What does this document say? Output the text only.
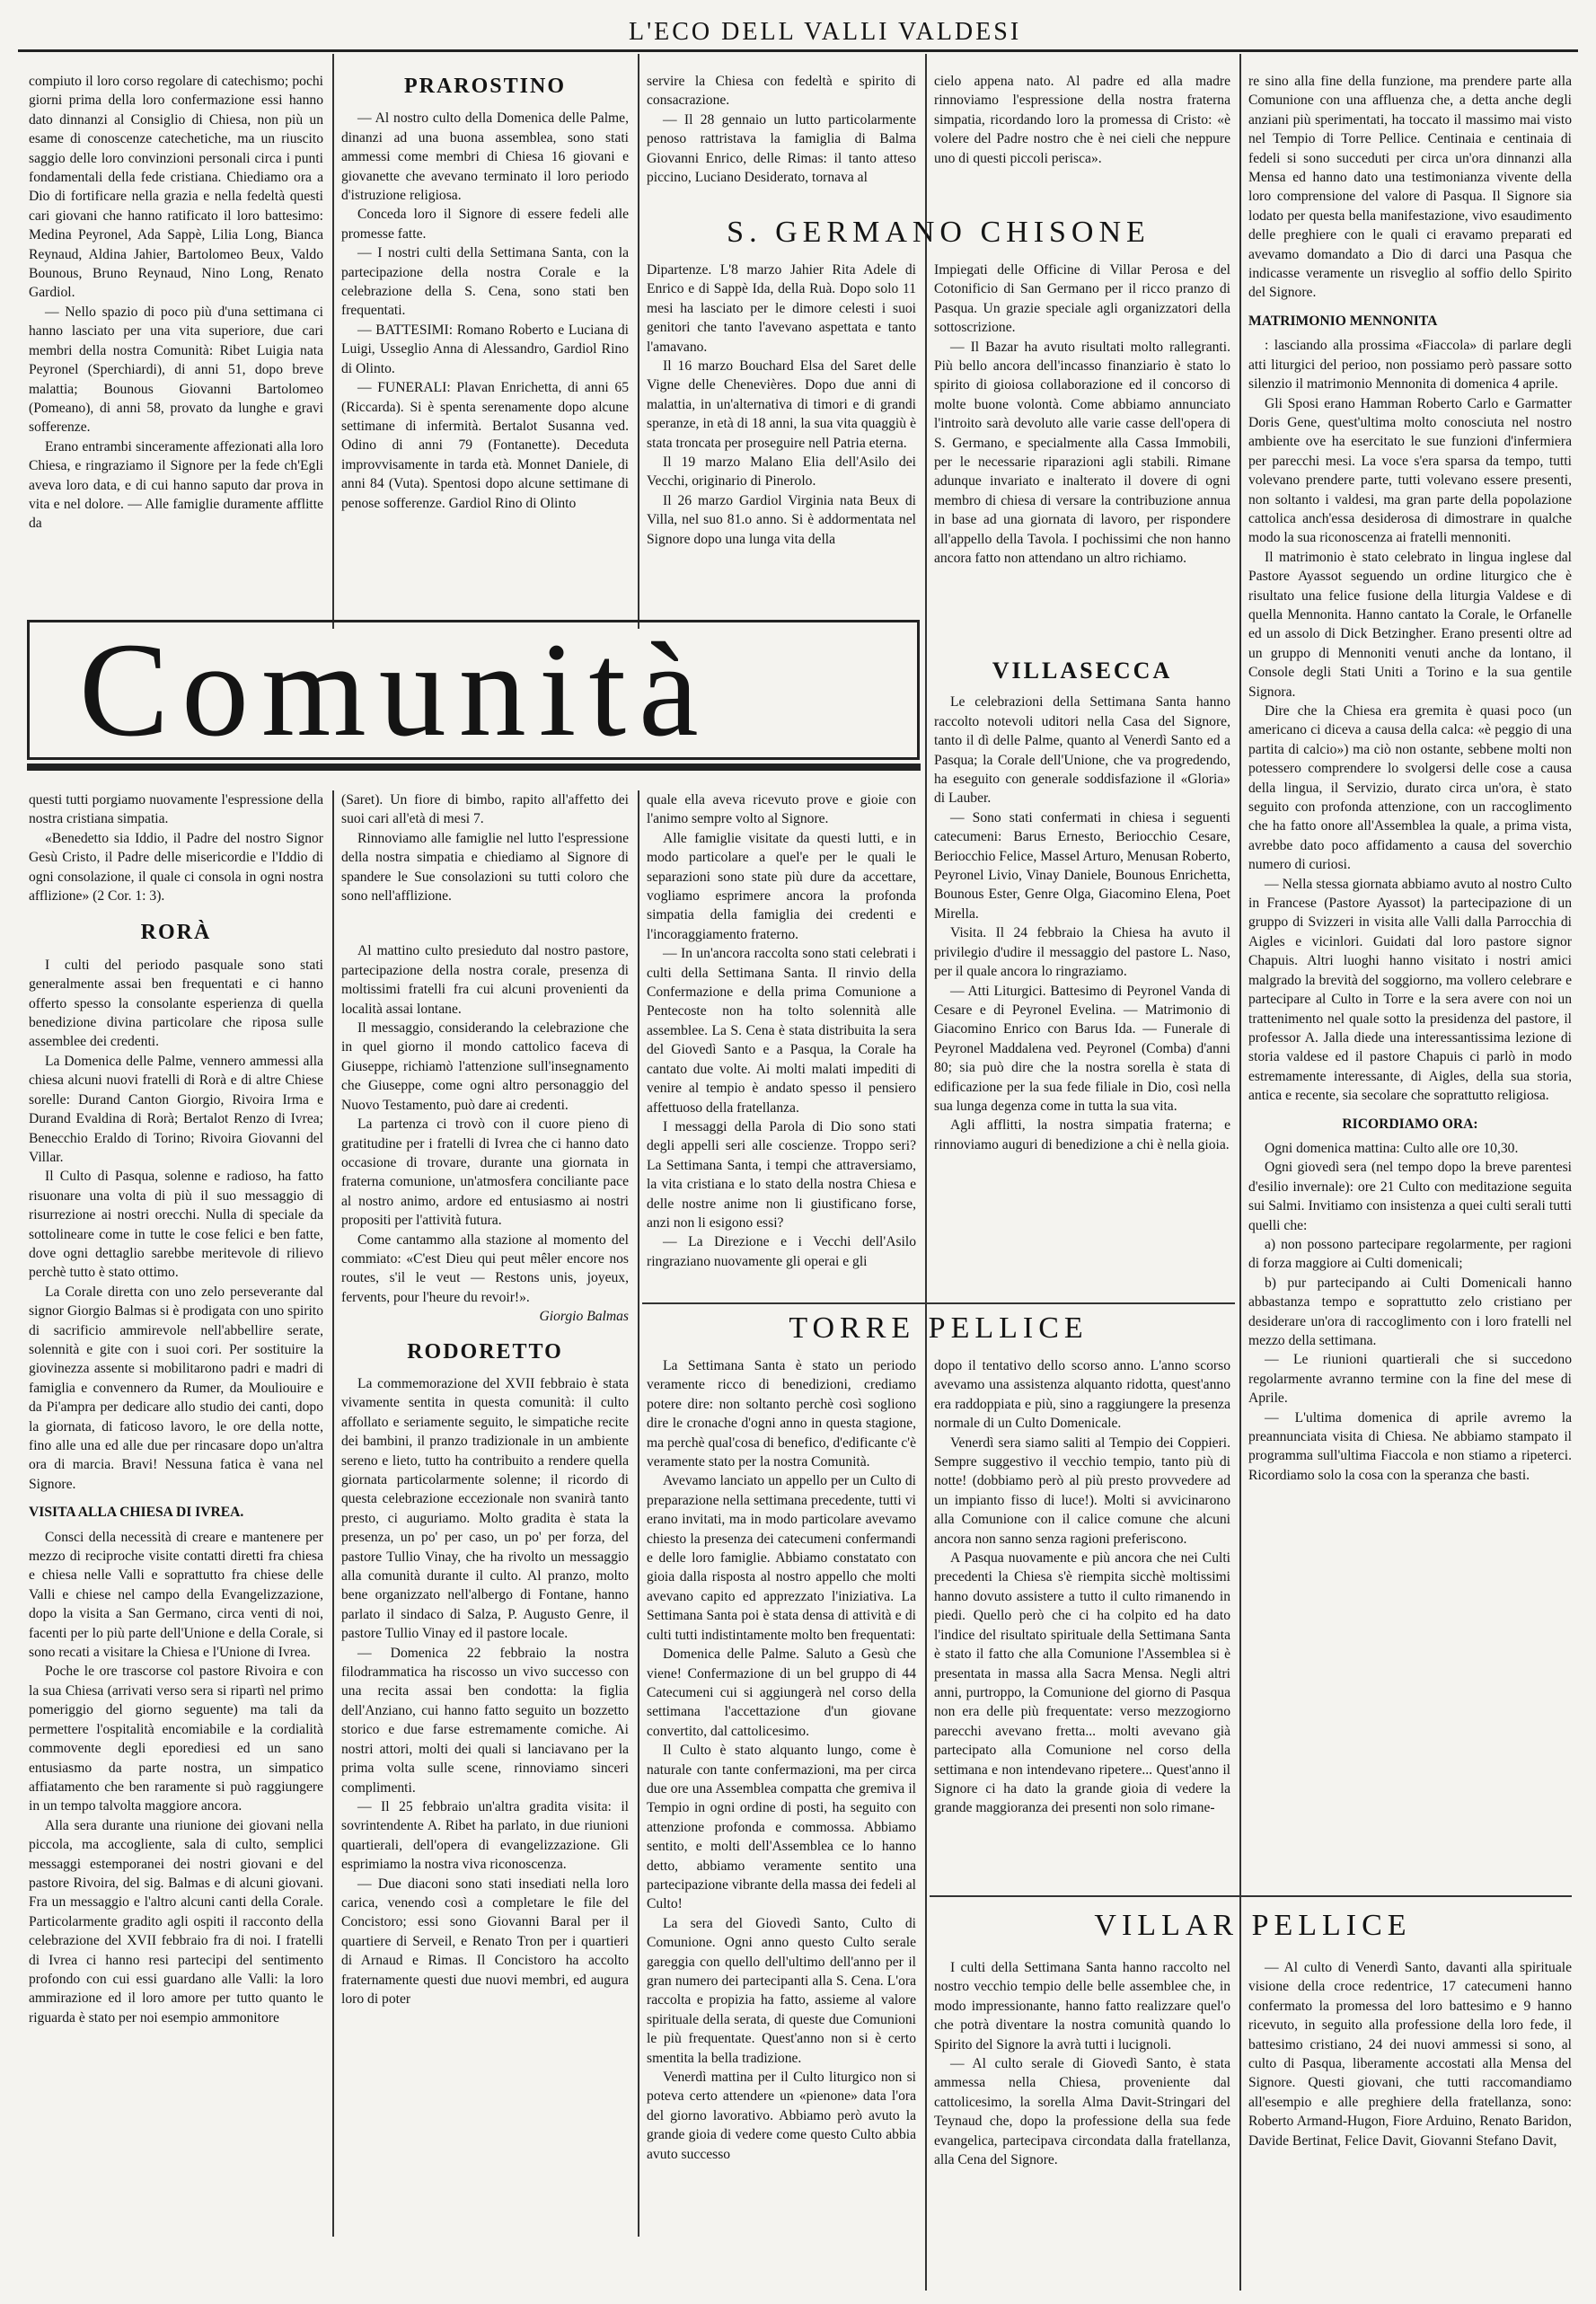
L'ECO DELL VALLI VALDESI

compiuto il loro corso regolare di catechismo; pochi giorni prima della loro confermazione essi hanno dato dinnanzi al Consiglio di Chiesa, non più un esame di conoscenze catechetiche, ma un riuscito saggio delle loro convinzioni personali circa i punti fondamentali della fede cristiana. Chiediamo ora a Dio di fortificare nella grazia e nella fedeltà questi cari giovani che hanno ratificato il loro battesimo: Medina Peyronel, Ada Sappè, Lilia Long, Bianca Reynaud, Aldina Jahier, Bartolomeo Beux, Valdo Bounous, Bruno Reynaud, Nino Long, Renato Gardiol.

— Nello spazio di poco più d'una settimana ci hanno lasciato per una vita superiore, due cari membri della nostra Comunità: Ribet Luigia nata Peyronel (Sperchiardi), di anni 51, dopo breve malattia; Bounous Giovanni Bartolomeo (Pomeano), di anni 58, provato da lunghe e gravi sofferenze.

Erano entrambi sinceramente affezionati alla loro Chiesa, e ringraziamo il Signore per la fede ch'Egli aveva loro data, e di cui hanno saputo dar prova in vita e nel dolore. — Alle famiglie duramente afflitte da

PRAROSTINO

— Al nostro culto della Domenica delle Palme, dinanzi ad una buona assemblea, sono stati ammessi come membri di Chiesa 16 giovani e giovanette che avevano terminato il loro periodo d'istruzione religiosa.

Conceda loro il Signore di essere fedeli alle promesse fatte.

— I nostri culti della Settimana Santa, con la partecipazione della nostra Corale e la celebrazione della S. Cena, sono stati ben frequentati.

— BATTESIMI: Romano Roberto e Luciana di Luigi, Usseglio Anna di Alessandro, Gardiol Rino di Olinto.

— FUNERALI: Plavan Enrichetta, di anni 65 (Riccarda). Si è spenta serenamente dopo alcune settimane di infermità. Bertalot Susanna ved. Odino di anni 79 (Fontanette). Deceduta improvvisamente in tarda età. Monnet Daniele, di anni 84 (Vuta). Spentosi dopo alcune settimane di penose sofferenze. Gardiol Rino di Olinto

servire la Chiesa con fedeltà e spirito di consacrazione.

— Il 28 gennaio un lutto particolarmente penoso rattristava la famiglia di Balma Giovanni Enrico, delle Rimas: il tanto atteso piccino, Luciano Desiderato, tornava al

cielo appena nato. Al padre ed alla madre rinnoviamo l'espressione della nostra fraterna simpatia, ricordando loro la promessa di Cristo: «è volere del Padre nostro che è nei cieli che neppure uno di questi piccoli perisca».

Dipartenze. L'8 marzo Jahier Rita Adele di Enrico e di Sappè Ida, della Ruà. Dopo solo 11 mesi ha lasciato per le dimore celesti i suoi genitori che tanto l'avevano aspettata e tanto l'amavano.

Il 16 marzo Bouchard Elsa del Saret delle Vigne delle Chenevières. Dopo due anni di malattia, in un'alternativa di timori e di grandi speranze, in età di 18 anni, la sua vita quaggiù è stata troncata per proseguire nell Patria eterna.

Il 19 marzo Malano Elia dell'Asilo dei Vecchi, originario di Pinerolo.

Il 26 marzo Gardiol Virginia nata Beux di Villa, nel suo 81.o anno. Si è addormentata nel Signore dopo una lunga vita della

S. GERMANO CHISONE

Impiegati delle Officine di Villar Perosa e del Cotonificio di San Germano per il ricco pranzo di Pasqua. Un grazie speciale agli organizzatori della sottoscrizione.

— Il Bazar ha avuto risultati molto rallegranti. Più bello ancora dell'incasso finanziario è stato lo spirito di gioiosa collaborazione ed il concorso di molte buone volontà. Come abbiamo annunciato l'introito sarà devoluto alle varie casse dell'opera di S. Germano, e specialmente alla Cassa Immobili, per le necessarie riparazioni agli stabili. Rimane adunque invariato e inalterato il dovere di ogni membro di chiesa di versare la contribuzione annua in base ad una giornata di lavoro, per rispondere all'appello della Tavola. I pochissimi che non hanno ancora fatto non attendano un altro richiamo.

Comunità	VILLASECCA

Le celebrazioni della Settimana Santa hanno raccolto notevoli uditori nella Casa del Signore, tanto il dì delle Palme, quanto al Venerdì Santo ed a Pasqua; la Corale dell'Unione, che va progredendo, ha eseguito con generale soddisfazione il «Gloria» di Lauber.

— Sono stati confermati in chiesa i seguenti catecumeni: Barus Ernesto, Beriocchio Cesare, Beriocchio Felice, Massel Arturo, Menusan Roberto, Peyronel Livio, Vinay Daniele, Bounous Enrichetta, Bounous Ester, Genre Olga, Giacomino Elena, Poet Mirella.

Visita. Il 24 febbraio la Chiesa ha avuto il privilegio d'udire il messaggio del pastore L. Naso, per il quale ancora lo ringraziamo.

— Atti Liturgici. Battesimo di Peyronel Vanda di Cesare e di Peyronel Evelina. — Matrimonio di Giacomino Enrico con Barus Ida. — Funerale di Peyronel Maddalena ved. Peyronel (Comba) d'anni 80; sia può dire che la nostra sorella è stata di edificazione per la sua fede filiale in Dio, così nella sua lunga degenza come in tutta la sua vita.

Agli afflitti, la nostra simpatia fraterna; e rinnoviamo auguri di benedizione a chi è nella gioia.

re sino alla fine della funzione, ma prendere parte alla Comunione con una affluenza che, a detta anche degli anziani più sperimentati, ha toccato il massimo mai visto nel Tempio di Torre Pellice. Centinaia e centinaia di fedeli si sono succeduti per circa un'ora dinnanzi alla Mensa ed hanno dato una testimonianza vivente della loro comprensione del valore di Pasqua. Il Signore sia lodato per questa bella manifestazione, vivo esaudimento delle preghiere con le quali ci eravamo preparati ed avevamo domandato a Dio di darci una Pasqua che indicasse veramente un risveglio al soffio dello Spirito del Signore.

MATRIMONIO MENNONITA

: lasciando alla prossima «Fiaccola» di parlare degli atti liturgici del perioo, non possiamo però passare sotto silenzio il matrimonio Mennonita di domenica 4 aprile.

Gli Sposi erano Hamman Roberto Carlo e Garmatter Doris Gene, quest'ultima molto conosciuta nel nostro ambiente ove ha esercitato le sue funzioni d'infermiera per parecchi mesi. La voce s'era sparsa da tempo, tutti volevano prendere parte, tutti volevano essere presenti, non soltanto i valdesi, ma gran parte della popolazione cattolica anch'essa desiderosa di dimostrare in qualche modo la sua riconoscenza ai fratelli mennoniti.

Il matrimonio è stato celebrato in lingua inglese dal Pastore Ayassot seguendo un ordine liturgico che è risultato una felice fusione della liturgia Valdese e di quella Mennonita. Hanno cantato la Corale, le Orfanelle ed un assolo di Dick Betzingher. Erano presenti oltre ad un gruppo di Mennoniti venuti anche da lontano, il Console degli Stati Uniti a Torino e la sua gentile Signora.

Dire che la Chiesa era gremita è quasi poco (un americano ci diceva a causa della calca: «è peggio di una partita di calcio») ma ciò non ostante, sebbene molti non potessero comprendere lo svolgersi delle cose a causa della lingua, il Servizio, durato circa un'ora, è stato seguito con profonda attenzione, con un raccoglimento che ha fatto onore all'Assemblea la quale, a prima vista, avrebbe dato poco affidamento a causa del soverchio numero di curiosi.

— Nella stessa giornata abbiamo avuto al nostro Culto in Francese (Pastore Ayassot) la partecipazione di un gruppo di Svizzeri in visita alle Valli dalla Parrocchia di Aigles e vicinlori. Guidati dal loro pastore signor Chapuis. Altri luoghi hanno visitato i nostri amici malgrado la brevità del soggiorno, ma vollero celebrare e partecipare al Culto in Torre e la sera avere con noi un trattenimento nel quale sotto la presidenza del pastore, il professor A. Jalla diede una interessantissima lezione di storia valdese ed il pastore Chapuis ci parlò in modo estremamente interessante, di Aigles, della sua storia, antica e recente, sia secolare che soprattutto religiosa.

RICORDIAMO ORA:

Ogni domenica mattina: Culto alle ore 10,30.

Ogni giovedì sera (nel tempo dopo la breve parentesi d'esilio invernale): ore 21 Culto con meditazione seguita sui Salmi. Invitiamo con insistenza a quei culti serali tutti quelli che:

a) non possono partecipare regolarmente, per ragioni di forza maggiore ai Culti domenicali;

b) pur partecipando ai Culti Domenicali hanno abbastanza tempo e soprattutto zelo cristiano per desiderare un'ora di raccoglimento con i loro fratelli nel mezzo della settimana.

— Le riunioni quartierali che si succedono regolarmente avranno termine con la fine del mese di Aprile.

— L'ultima domenica di aprile avremo la preannunciata visita di Chiesa. Ne abbiamo stampato il programma sull'ultima Fiaccola e non stiamo a ripeterci. Ricordiamo solo la cosa con la speranza che basti.

questi tutti porgiamo nuovamente l'espressione della nostra cristiana simpatia.

«Benedetto sia Iddio, il Padre del nostro Signor Gesù Cristo, il Padre delle misericordie e l'Iddio di ogni consolazione, il quale ci consola in ogni nostra afflizione» (2 Cor. 1: 3).

RORÀ

I culti del periodo pasquale sono stati generalmente assai ben frequentati e ci hanno offerto spesso la consolante esperienza di quella benedizione divina particolare che riposa sulle assemblee dei credenti.

La Domenica delle Palme, vennero ammessi alla chiesa alcuni nuovi fratelli di Rorà e di altre Chiese sorelle: Durand Canton Giorgio, Rivoira Irma e Durand Evaldina di Rorà; Bertalot Renzo di Ivrea; Benecchio Eraldo di Torino; Rivoira Giovanni del Villar.

Il Culto di Pasqua, solenne e radioso, ha fatto risuonare una volta di più il suo messaggio di risurrezione ai nostri orecchi. Nulla di speciale da sottolineare come in tutte le cose felici e ben fatte, dove ogni dettaglio sarebbe meritevole di rilievo perchè tutto è stato ottimo.

La Corale diretta con uno zelo perseverante dal signor Giorgio Balmas si è prodigata con uno spirito di sacrificio ammirevole nell'abbellire serate, solennità e gite con i suoi cori. Per sostituire la giovinezza assente si mobilitarono padri e madri di famiglia e convennero da Rumer, da Mouliouire e da Pi'ampra per dedicare allo studio dei canti, dopo la giornata, di faticoso lavoro, le ore della notte, fino alle una ed alle due per rincasare dopo un'altra ora di marcia. Bravi! Nessuna fatica è vana nel Signore.

VISITA ALLA CHIESA DI IVREA.

Consci della necessità di creare e mantenere per mezzo di reciproche visite contatti diretti fra chiesa e chiesa nelle Valli e soprattutto fra chiese delle Valli e chiese nel campo della Evangelizzazione, dopo la visita a San Germano, circa venti di noi, facenti per lo più parte dell'Unione e della Corale, si sono recati a visitare la Chiesa e l'Unione di Ivrea.

Poche le ore trascorse col pastore Rivoira e con la sua Chiesa (arrivati verso sera si ripartì nel primo pomeriggio del giorno seguente) ma tali da permettere l'ospitalità encomiabile e la cordialità commovente degli eporediesi ed un sano entusiasmo da parte nostra, un simpatico affiatamento che ben raramente si può raggiungere in un tempo talvolta maggiore ancora.

Alla sera durante una riunione dei giovani nella piccola, ma accogliente, sala di culto, semplici messaggi estemporanei dei nostri giovani e del pastore Rivoira, del sig. Balmas e di alcuni giovani. Fra un messaggio e l'altro alcuni canti della Corale. Particolarmente gradito agli ospiti il racconto della celebrazione del XVII febbraio fra di noi. I fratelli di Ivrea ci hanno resi partecipi del sentimento profondo con cui essi guardano alle Valli: la loro ammirazione ed il loro amore per tutto quanto le riguarda è stato per noi esempio ammonitore

(Saret). Un fiore di bimbo, rapito all'affetto dei suoi cari all'età di mesi 7.

Rinnoviamo alle famiglie nel lutto l'espressione della nostra simpatia e chiediamo al Signore di spandere le Sue consolazioni su tutti coloro che sono nell'afflizione.

Al mattino culto presieduto dal nostro pastore, partecipazione della nostra corale, presenza di moltissimi fratelli fra cui alcuni provenienti da località assai lontane.

Il messaggio, considerando la celebrazione che in quel giorno il mondo cattolico faceva di Giuseppe, richiamò l'attenzione sull'insegnamento che Giuseppe, come ogni altro personaggio del Nuovo Testamento, può dare ai credenti.

La partenza ci trovò con il cuore pieno di gratitudine per i fratelli di Ivrea che ci hanno dato occasione di trovare, durante una giornata in fraterna comunione, un'atmosfera conciliante pace al nostro animo, ardore ed entusiasmo ai nostri propositi per l'attività futura.

Come cantammo alla stazione al momento del commiato: «C'est Dieu qui peut mêler encore nos routes, s'il le veut — Restons unis, joyeux, fervents, pour l'heure du revoir!».

Giorgio Balmas

RODORETTO

La commemorazione del XVII febbraio è stata vivamente sentita in questa comunità: il culto affollato e seriamente seguito, le simpatiche recite dei bambini, il pranzo tradizionale in un ambiente sereno e lieto, tutto ha contribuito a rendere quella giornata particolarmente solenne; il ricordo di questa celebrazione eccezionale non svanirà tanto presto, ci auguriamo. Molto gradita è stata la presenza, un po' per caso, un po' per forza, del pastore Tullio Vinay, che ha rivolto un messaggio alla comunità durante il culto. Al pranzo, molto bene organizzato nell'albergo di Fontane, hanno parlato il sindaco di Salza, P. Augusto Genre, il pastore Tullio Vinay ed il pastore locale.

— Domenica 22 febbraio la nostra filodrammatica ha riscosso un vivo successo con una recita assai ben condotta: la figlia dell'Anziano, cui hanno fatto seguito un bozzetto storico e due farse estremamente comiche. Ai nostri attori, molti dei quali si lanciavano per la prima volta sulle scene, rinnoviamo sinceri complimenti.

— Il 25 febbraio un'altra gradita visita: il sovrintendente A. Ribet ha parlato, in due riunioni quartierali, dell'opera di evangelizzazione. Gli esprimiamo la nostra viva riconoscenza.

— Due diaconi sono stati insediati nella loro carica, venendo così a completare le file del Concistoro; essi sono Giovanni Baral per il quartiere di Serveil, e Renato Tron per i quartieri di Arnaud e Rimas. Il Concistoro ha accolto fraternamente questi due nuovi membri, ed augura loro di poter

quale ella aveva ricevuto prove e gioie con l'animo sempre volto al Signore.

Alle famiglie visitate da questi lutti, e in modo particolare a quel'e per le quali le separazioni sono state più dure da accettare, vogliamo esprimere ancora la profonda simpatia della famiglia dei credenti e l'incoraggiamento fraterno.

— In un'ancora raccolta sono stati celebrati i culti della Settimana Santa. Il rinvio della Confermazione e della prima Comunione a Pentecoste non ha tolto solennità alle assemblee. La S. Cena è stata distribuita la sera del Giovedì Santo e a Pasqua, la Corale ha cantato due volte. Ai molti malati impediti di venire al tempio è andato spesso il pensiero affettuoso della fratellanza.

I messaggi della Parola di Dio sono stati degli appelli seri alle coscienze. Troppo seri? La Settimana Santa, i tempi che attraversiamo, la vita cristiana e lo stato della nostra Chiesa e delle nostre anime non li giustificano forse, anzi non li esigono essi?

— La Direzione e i Vecchi dell'Asilo ringraziano nuovamente gli operai e gli

TORRE PELLICE

La Settimana Santa è stato un periodo veramente ricco di benedizioni, crediamo potere dire: non soltanto perchè così sogliono dire le cronache d'ogni anno in questa stagione, ma perchè qual'cosa di benefico, d'edificante c'è veramente stato per la nostra Comunità.

Avevamo lanciato un appello per un Culto di preparazione nella settimana precedente, tutti vi erano invitati, ma in modo particolare avevamo chiesto la presenza dei catecumeni confermandi e delle loro famiglie. Abbiamo constatato con gioia dalla risposta al nostro appello che molti avevano capito ed apprezzato l'iniziativa. La Settimana Santa poi è stata densa di attività e di culti tutti indistintamente molto ben frequentati:

Domenica delle Palme. Saluto a Gesù che viene! Confermazione di un bel gruppo di 44 Catecumeni cui si aggiungerà nel corso della settimana l'accettazione d'un giovane convertito, dal cattolicesimo.

Il Culto è stato alquanto lungo, come è naturale con tante confermazioni, ma per circa due ore una Assemblea compatta che gremiva il Tempio in ogni ordine di posti, ha seguito con attenzione profonda e commossa. Abbiamo sentito, e molti dell'Assemblea ce lo hanno detto, abbiamo veramente sentito una partecipazione vibrante della massa dei fedeli al Culto!

La sera del Giovedì Santo, Culto di Comunione. Ogni anno questo Culto serale gareggia con quello dell'ultimo dell'anno per il gran numero dei partecipanti alla S. Cena. L'ora raccolta e propizia ha fatto, assieme al valore spirituale della serata, di queste due Comunioni le più frequentate. Quest'anno non si è certo smentita la bella tradizione.

Venerdì mattina per il Culto liturgico non si poteva certo attendere un «pienone» data l'ora del giorno lavorativo. Abbiamo però avuto la grande gioia di vedere come questo Culto abbia avuto successo

dopo il tentativo dello scorso anno. L'anno scorso avevamo una assistenza alquanto ridotta, quest'anno era raddoppiata e più, sino a raggiungere la presenza normale di un Culto Domenicale.

Venerdì sera siamo saliti al Tempio dei Coppieri. Sempre suggestivo il vecchio tempio, tanto più di notte! (dobbiamo però al più presto provvedere ad un impianto fisso di luce!). Molti si avvicinarono alla Comunione con il calice comune che alcuni ancora non sanno senza ragioni preferiscono.

A Pasqua nuovamente e più ancora che nei Culti precedenti la Chiesa s'è riempita sicchè moltissimi hanno dovuto assistere a tutto il culto rimanendo in piedi. Quello però che ci ha colpito ed ha dato l'indice del risultato spirituale della Settimana Santa è stato il fatto che alla Comunione l'Assemblea si è presentata in massa alla Sacra Mensa. Negli altri anni, purtroppo, la Comunione del giorno di Pasqua non era delle più frequentate: verso mezzogiorno parecchi avevano fretta... molti avevano già partecipato alla Comunione nel corso della settimana e non intendevano ripetere... Quest'anno il Signore ci ha dato la grande gioia di vedere la grande maggioranza dei presenti non solo rimane-

VILLAR PELLICE

I culti della Settimana Santa hanno raccolto nel nostro vecchio tempio delle belle assemblee che, in modo impressionante, hanno fatto realizzare quel'o che potrà diventare la nostra comunità quando lo Spirito del Signore la avrà tutti i lucignoli.

— Al culto serale di Giovedì Santo, è stata ammessa nella Chiesa, proveniente dal cattolicesimo, la sorella Alma Davit-Stringari del Teynaud che, dopo la professione della sua fede evangelica, partecipava circondata dalla fratellanza, alla Cena del Signore.

— Al culto di Venerdì Santo, davanti alla spirituale visione della croce redentrice, 17 catecumeni hanno confermato la promessa del loro battesimo e 9 hanno ricevuto, in seguito alla professione della loro fede, il battesimo cristiano, 24 dei nuovi ammessi si sono, al culto di Pasqua, liberamente accostati alla Mensa del Signore. Questi giovani, che tutti raccomandiamo all'esempio e alle preghiere della fratellanza, sono: Roberto Armand-Hugon, Fiore Arduino, Renato Baridon, Davide Bertinat, Felice Davit, Giovanni Stefano Davit,
